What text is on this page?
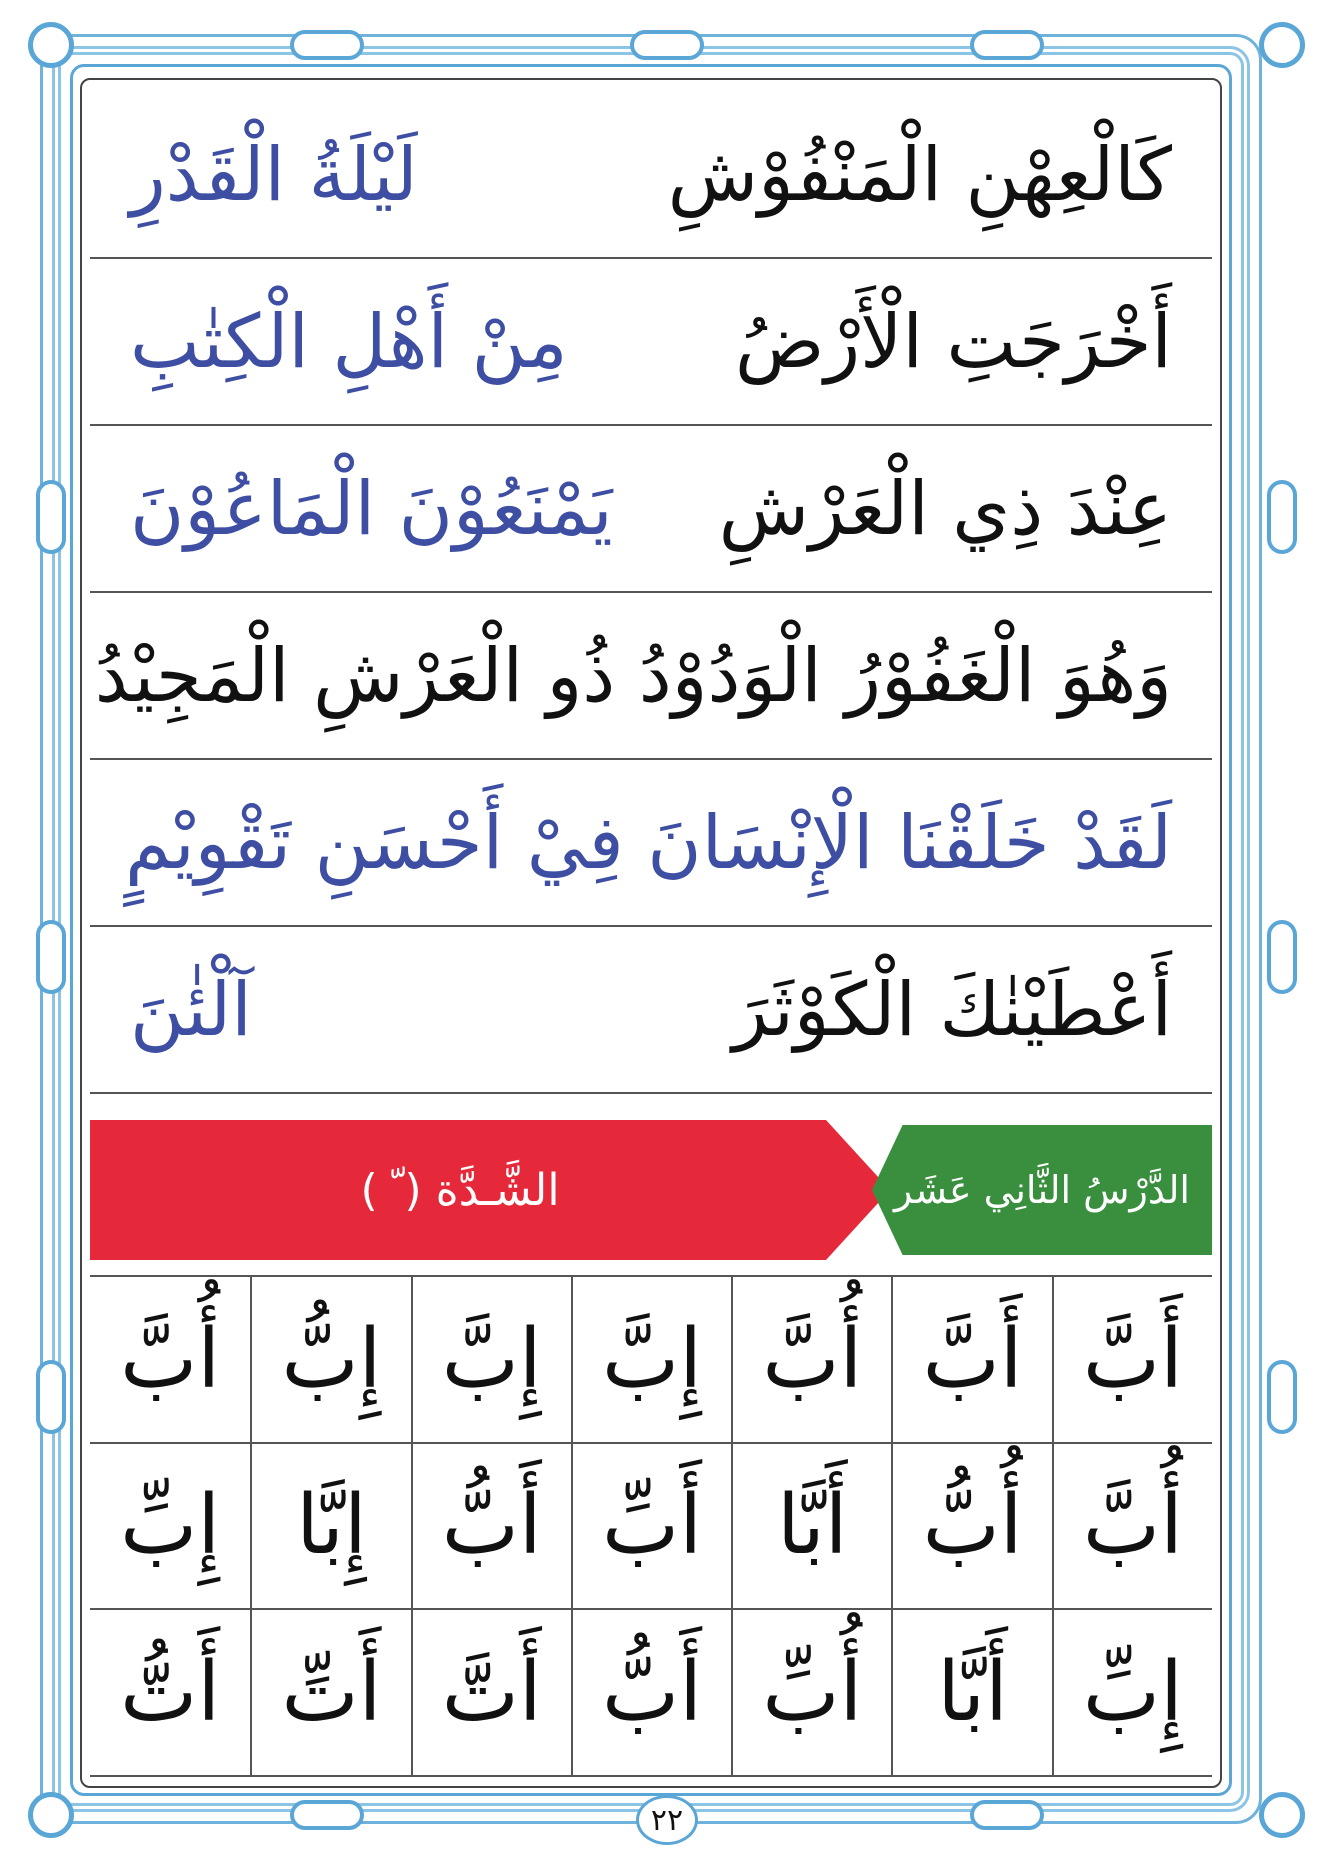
كَالْعِهْنِ الْمَنْفُوْشِ
لَيْلَةُ الْقَدْرِ
أَخْرَجَتِ الْأَرْضُ
مِنْ أَهْلِ الْكِتٰبِ
عِنْدَ ذِي الْعَرْشِ
يَمْنَعُوْنَ الْمَاعُوْنَ
وَهُوَ الْغَفُوْرُ الْوَدُوْدُ ذُو الْعَرْشِ الْمَجِيْدُ
لَقَدْ خَلَقْنَا الْإِنْسَانَ فِيْ أَحْسَنِ تَقْوِيْمٍ
أَعْطَيْنٰكَ الْكَوْثَرَ
آلْئٰنَ
الشَّـدَّة ( ّ )	الدَّرْسُ الثَّانِي عَشَر
أَبَّ
أَبَّ
أُبَّ
إِبَّ
إِبَّ
إِبُّ
أُبَّ
أُبَّ
أُبُّ
أَبَّا
أَبِّ
أَبُّ
إِبَّا
إِبِّ
إِبِّ
أَبَّا
أُبِّ
أَبُّ
أَتَّ
أَتِّ
أَتُّ
٢٢
